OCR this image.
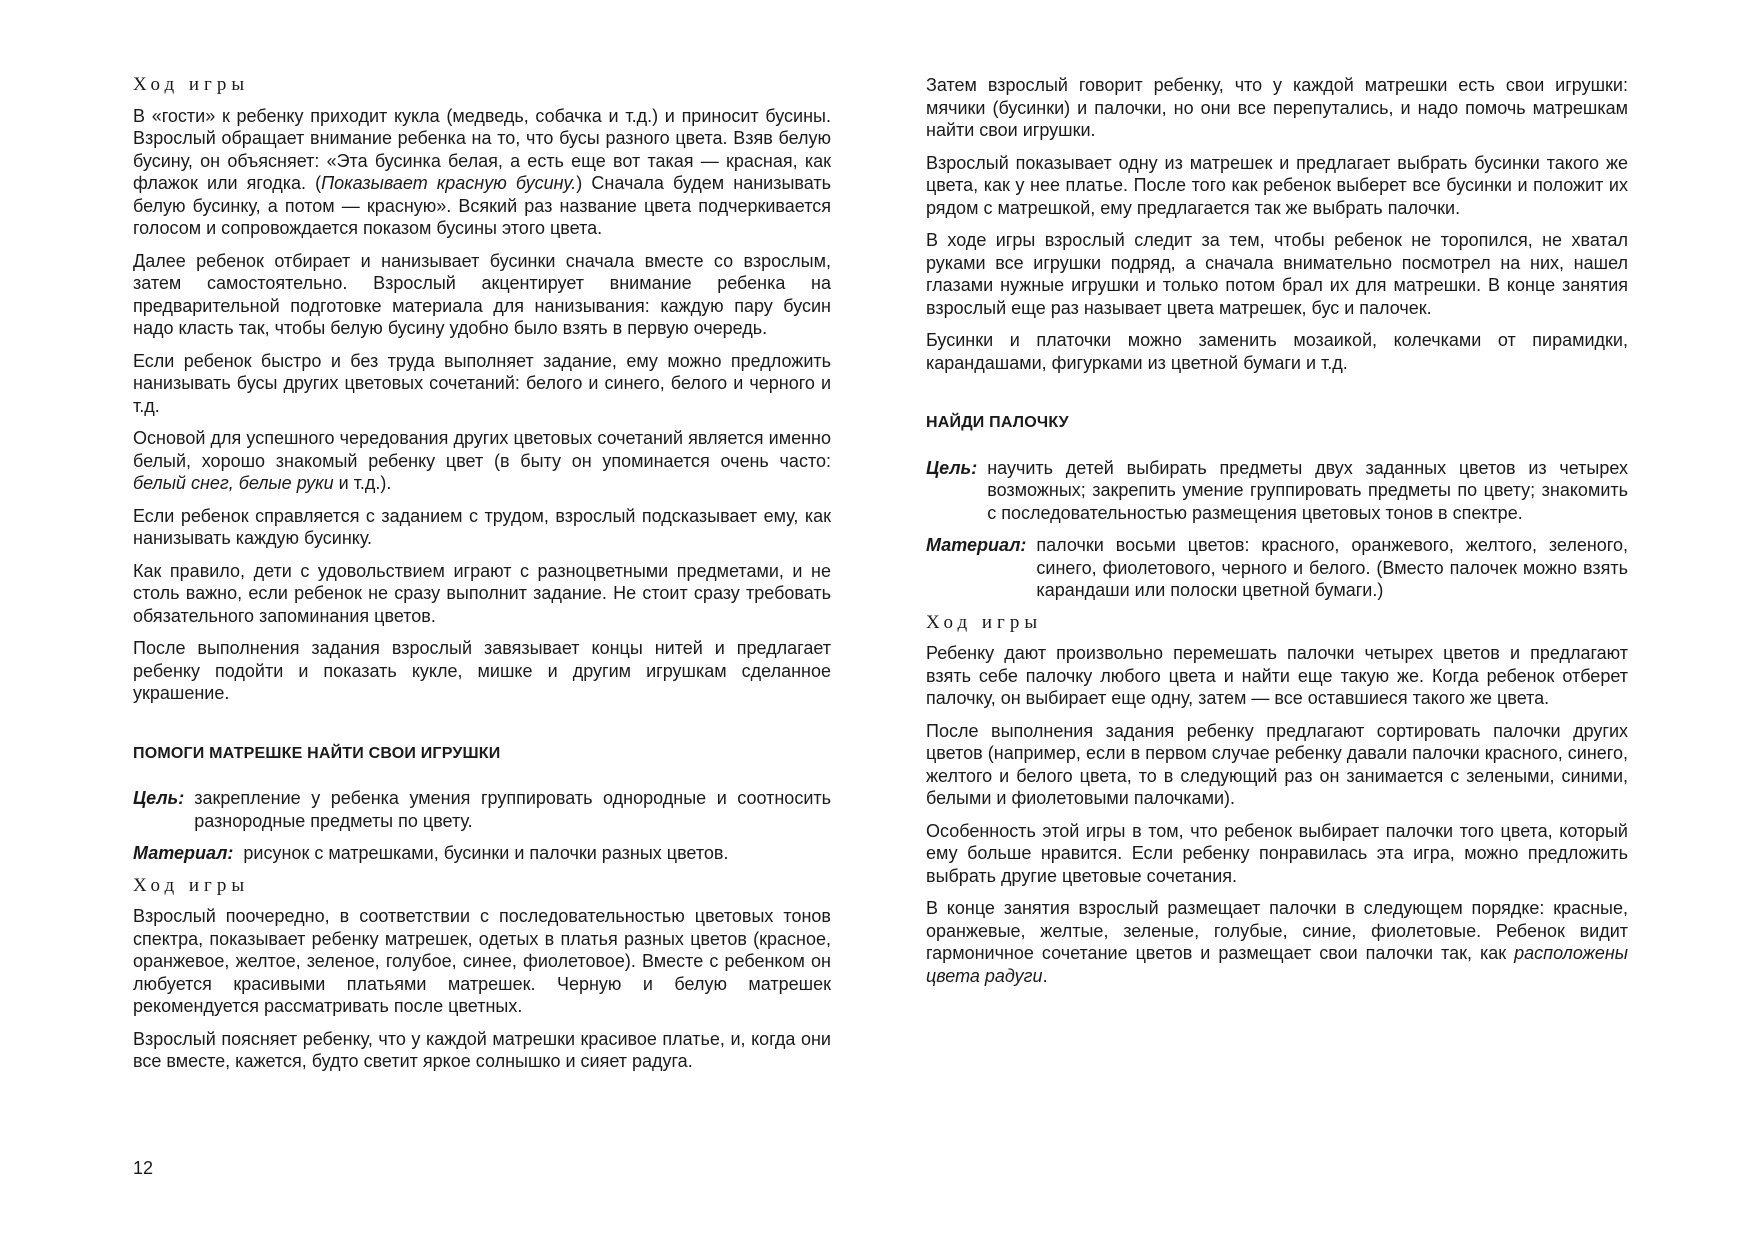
Ход игры

В «гости» к ребенку приходит кукла (медведь, собачка и т.д.) и приносит бусины. Взрослый обращает внимание ребенка на то, что бусы разного цвета. Взяв белую бусину, он объясняет: «Эта бусинка белая, а есть еще вот такая — красная, как флажок или ягодка. (Показывает красную бусину.) Сначала будем нанизывать белую бусинку, а потом — красную». Всякий раз название цвета подчеркивается голосом и сопровождается показом бусины этого цвета.

Далее ребенок отбирает и нанизывает бусинки сначала вместе со взрослым, затем самостоятельно. Взрослый акцентирует внимание ребенка на предварительной подготовке материала для нанизывания: каждую пару бусин надо класть так, чтобы белую бусину удобно было взять в первую очередь.

Если ребенок быстро и без труда выполняет задание, ему можно предложить нанизывать бусы других цветовых сочетаний: белого и синего, белого и черного и т.д.

Основой для успешного чередования других цветовых сочетаний является именно белый, хорошо знакомый ребенку цвет (в быту он упоминается очень часто: белый снег, белые руки и т.д.).

Если ребенок справляется с заданием с трудом, взрослый подсказывает ему, как нанизывать каждую бусинку.

Как правило, дети с удовольствием играют с разноцветными предметами, и не столь важно, если ребенок не сразу выполнит задание. Не стоит сразу требовать обязательного запоминания цветов.

После выполнения задания взрослый завязывает концы нитей и предлагает ребенку подойти и показать кукле, мишке и другим игрушкам сделанное украшение.

ПОМОГИ МАТРЕШКЕ НАЙТИ СВОИ ИГРУШКИ
Цель: закрепление у ребенка умения группировать однородные и соотносить разнородные предметы по цвету.
Материал: рисунок с матрешками, бусинки и палочки разных цветов.
Ход игры

Взрослый поочередно, в соответствии с последовательностью цветовых тонов спектра, показывает ребенку матрешек, одетых в платья разных цветов (красное, оранжевое, желтое, зеленое, голубое, синее, фиолетовое). Вместе с ребенком он любуется красивыми платьями матрешек. Черную и белую матрешек рекомендуется рассматривать после цветных.

Взрослый поясняет ребенку, что у каждой матрешки красивое платье, и, когда они все вместе, кажется, будто светит яркое солнышко и сияет радуга.

12

Затем взрослый говорит ребенку, что у каждой матрешки есть свои игрушки: мячики (бусинки) и палочки, но они все перепутались, и надо помочь матрешкам найти свои игрушки.

Взрослый показывает одну из матрешек и предлагает выбрать бусинки такого же цвета, как у нее платье. После того как ребенок выберет все бусинки и положит их рядом с матрешкой, ему предлагается так же выбрать палочки.

В ходе игры взрослый следит за тем, чтобы ребенок не торопился, не хватал руками все игрушки подряд, а сначала внимательно посмотрел на них, нашел глазами нужные игрушки и только потом брал их для матрешки. В конце занятия взрослый еще раз называет цвета матрешек, бус и палочек.

Бусинки и платочки можно заменить мозаикой, колечками от пирамидки, карандашами, фигурками из цветной бумаги и т.д.

НАЙДИ ПАЛОЧКУ
Цель: научить детей выбирать предметы двух заданных цветов из четырех возможных; закрепить умение группировать предметы по цвету; знакомить с последовательностью размещения цветовых тонов в спектре.
Материал: палочки восьми цветов: красного, оранжевого, желтого, зеленого, синего, фиолетового, черного и белого. (Вместо палочек можно взять карандаши или полоски цветной бумаги.)
Ход игры

Ребенку дают произвольно перемешать палочки четырех цветов и предлагают взять себе палочку любого цвета и найти еще такую же. Когда ребенок отберет палочку, он выбирает еще одну, затем — все оставшиеся такого же цвета.

После выполнения задания ребенку предлагают сортировать палочки других цветов (например, если в первом случае ребенку давали палочки красного, синего, желтого и белого цвета, то в следующий раз он занимается с зелеными, синими, белыми и фиолетовыми палочками).

Особенность этой игры в том, что ребенок выбирает палочки того цвета, который ему больше нравится. Если ребенку понравилась эта игра, можно предложить выбрать другие цветовые сочетания.

В конце занятия взрослый размещает палочки в следующем порядке: красные, оранжевые, желтые, зеленые, голубые, синие, фиолетовые. Ребенок видит гармоничное сочетание цветов и размещает свои палочки так, как расположены цвета радуги.
